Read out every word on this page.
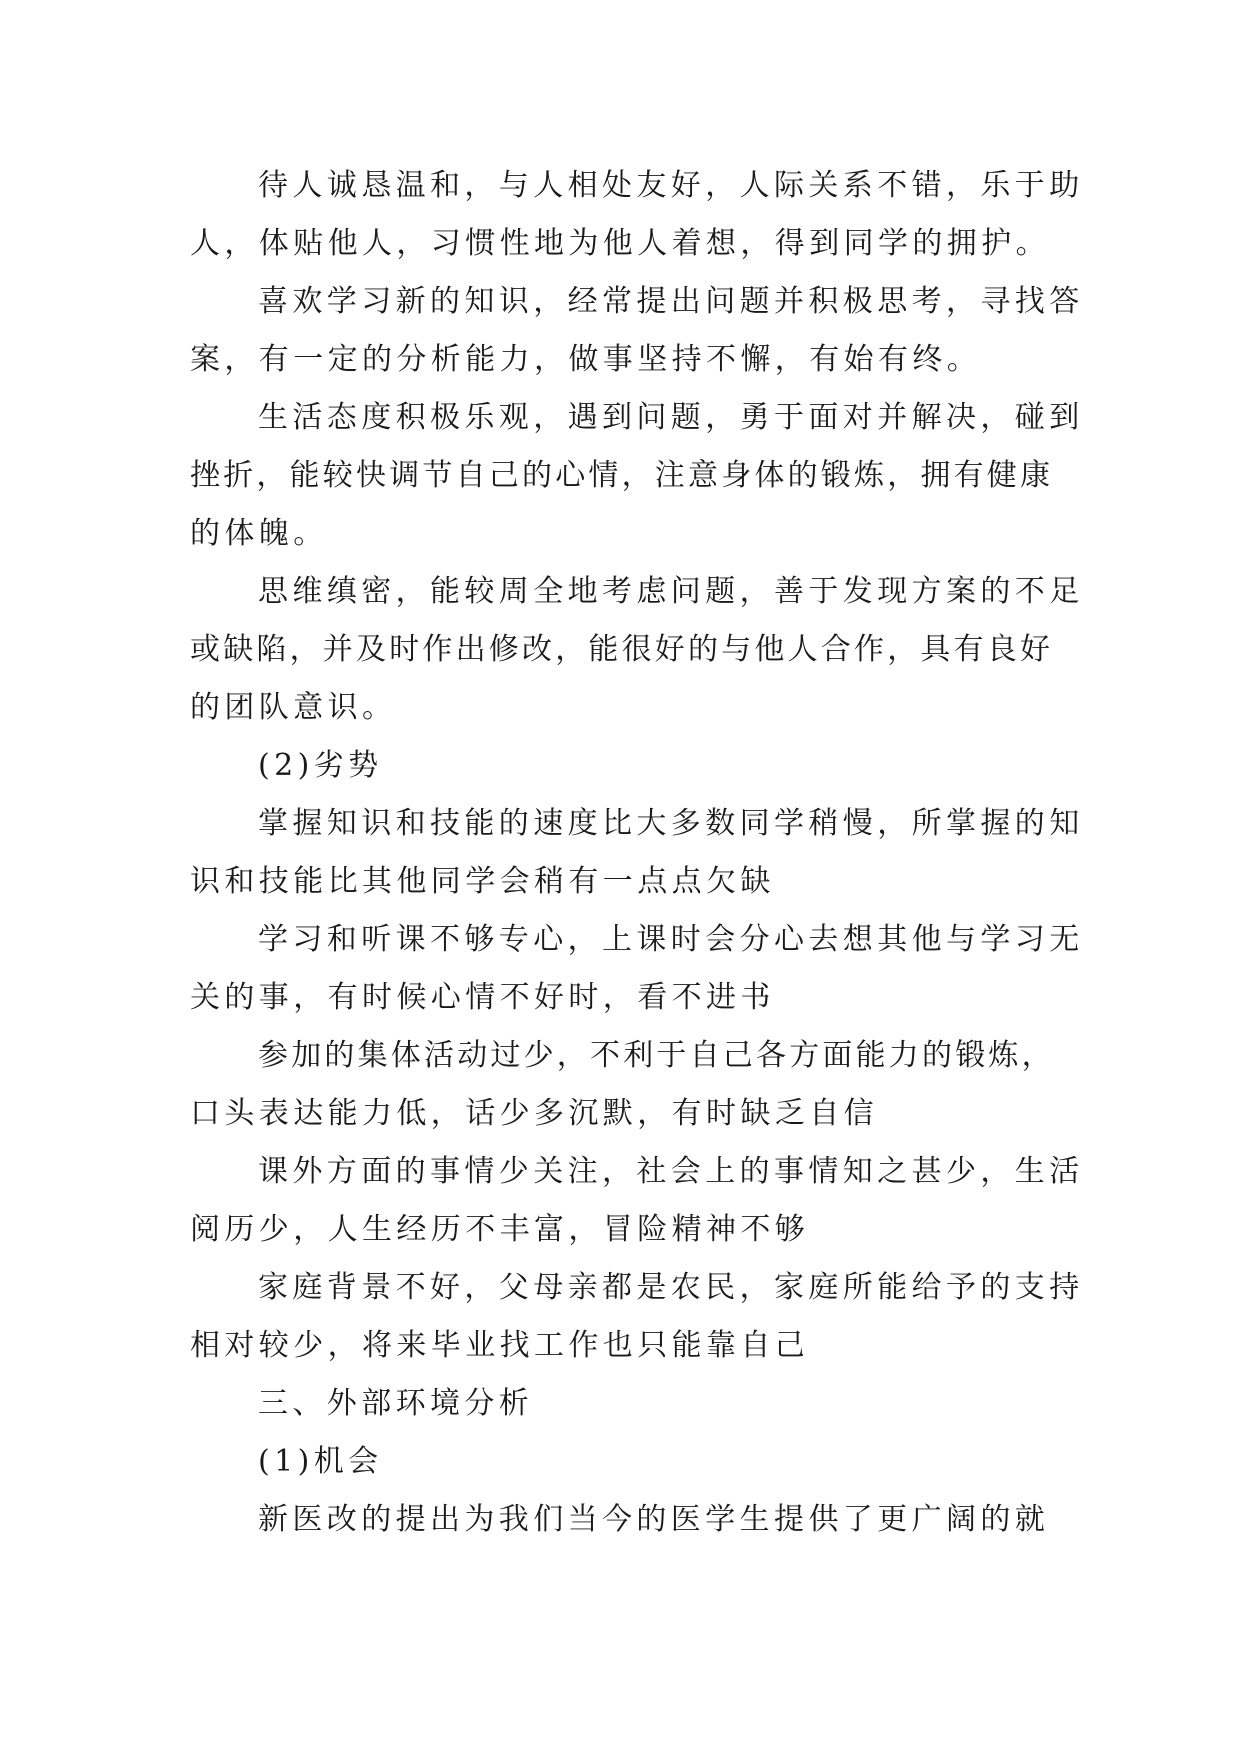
待人诚恳温和，与人相处友好，人际关系不错，乐于助

人，体贴他人，习惯性地为他人着想，得到同学的拥护。

喜欢学习新的知识，经常提出问题并积极思考，寻找答

案，有一定的分析能力，做事坚持不懈，有始有终。

生活态度积极乐观，遇到问题，勇于面对并解决，碰到

挫折，能较快调节自己的心情，注意身体的锻炼，拥有健康

的体魄。

思维缜密，能较周全地考虑问题，善于发现方案的不足

或缺陷，并及时作出修改，能很好的与他人合作，具有良好

的团队意识。

(2)劣势

掌握知识和技能的速度比大多数同学稍慢，所掌握的知

识和技能比其他同学会稍有一点点欠缺

学习和听课不够专心，上课时会分心去想其他与学习无

关的事，有时候心情不好时，看不进书

参加的集体活动过少，不利于自己各方面能力的锻炼，

口头表达能力低，话少多沉默，有时缺乏自信

课外方面的事情少关注，社会上的事情知之甚少，生活

阅历少，人生经历不丰富，冒险精神不够

家庭背景不好，父母亲都是农民，家庭所能给予的支持

相对较少，将来毕业找工作也只能靠自己

三、外部环境分析

(1)机会

新医改的提出为我们当今的医学生提供了更广阔的就
